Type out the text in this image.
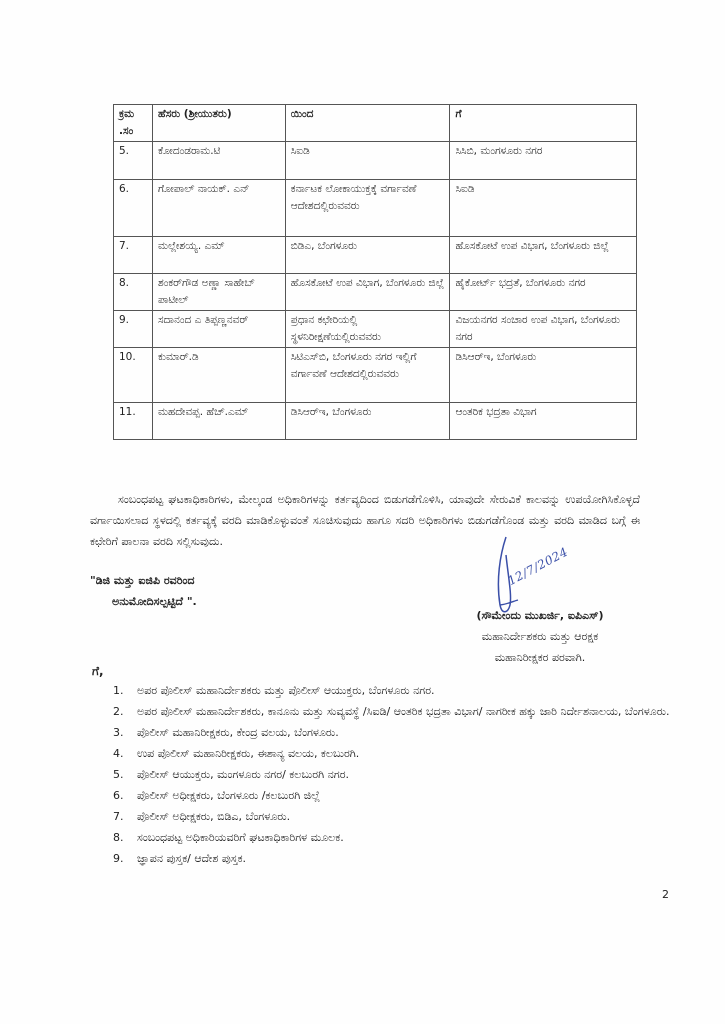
ಕ್ರಮ .ಸಂ	ಹೆಸರು (ಶ್ರೀಯುತರು)	ಯಿಂದ	ಗೆ
5.	ಕೋದಂಡರಾಮ.ಟಿ	ಸಿಐಡಿ	ಸಿಸಿಬಿ, ಮಂಗಳೂರು ನಗರ
6.	ಗೋಪಾಲ್ ನಾಯಕ್. ಎನ್	ಕರ್ನಾಟಕ ಲೋಕಾಯುಕ್ತಕ್ಕೆ ವರ್ಗಾವಣೆ ಆದೇಶದಲ್ಲಿರುವವರು	ಸಿಐಡಿ
7.	ಮಲ್ಲೇಶಯ್ಯ. ಎಮ್	ಬಿಡಿಎ, ಬೆಂಗಳೂರು	ಹೊಸಕೋಟೆ ಉಪ ವಿಭಾಗ, ಬೆಂಗಳೂರು ಜಿಲ್ಲೆ
8.	ಶಂಕರ್‌ಗೌಡ ಅಣ್ಣಾ ಸಾಹೇಬ್ ಪಾಟೀಲ್	ಹೊಸಕೋಟೆ ಉಪ ವಿಭಾಗ, ಬೆಂಗಳೂರು ಜಿಲ್ಲೆ	ಹೈಕೋರ್ಟ್ ಭದ್ರತೆ, ಬೆಂಗಳೂರು ನಗರ
9.	ಸದಾನಂದ ಎ ತಿಪ್ಪಣ್ಣನವರ್	ಪ್ರಧಾನ ಕಛೇರಿಯಲ್ಲಿ ಸ್ಥಳನಿರೀಕ್ಷಣೆಯಲ್ಲಿರುವವರು	ವಿಜಯನಗರ ಸಂಚಾರ ಉಪ ವಿಭಾಗ, ಬೆಂಗಳೂರು ನಗರ
10.	ಕುಮಾರ್.ಡಿ	ಸಿಟಿಎಸ್‌ಬಿ, ಬೆಂಗಳೂರು ನಗರ ಇಲ್ಲಿಗೆ ವರ್ಗಾವಣೆ ಆದೇಶದಲ್ಲಿರುವವರು	ಡಿಸಿಆರ್‌ಇ, ಬೆಂಗಳೂರು
11.	ಮಹದೇವಪ್ಪ. ಹೆಚ್.ಎಮ್	ಡಿಸಿಆರ್‌ಇ, ಬೆಂಗಳೂರು	ಆಂತರಿಕ ಭದ್ರತಾ ವಿಭಾಗ

ಸಂಬಂಧಪಟ್ಟ ಘಟಕಾಧಿಕಾರಿಗಳು, ಮೇಲ್ಕಂಡ ಅಧಿಕಾರಿಗಳನ್ನು ಕರ್ತವ್ಯದಿಂದ ಬಿಡುಗಡೆಗೊಳಿಸಿ, ಯಾವುದೇ ಸೇರುವಿಕೆ ಕಾಲವನ್ನು ಉಪಯೋಗಿಸಿಕೊಳ್ಳದೆ ವರ್ಗಾಯಿಸಲಾದ ಸ್ಥಳದಲ್ಲಿ ಕರ್ತವ್ಯಕ್ಕೆ ವರದಿ ಮಾಡಿಕೊಳ್ಳುವಂತೆ ಸೂಚಿಸುವುದು ಹಾಗೂ ಸದರಿ ಅಧಿಕಾರಿಗಳು ಬಿಡುಗಡೆಗೊಂಡ ಮತ್ತು ವರದಿ ಮಾಡಿದ ಬಗ್ಗೆ ಈ ಕಛೇರಿಗೆ ಪಾಲನಾ ವರದಿ ಸಲ್ಲಿಸುವುದು.

"ಡಿಜಿ ಮತ್ತು ಐಜಿಪಿ ರವರಿಂದ
ಅನುಮೋದಿಸಲ್ಪಟ್ಟಿದೆ ".
12/7/2024
(ಸೌಮೇಂದು ಮುಖರ್ಜಿ, ಐಪಿಎಸ್)
ಮಹಾನಿರ್ದೇಶಕರು ಮತ್ತು ಆರಕ್ಷಕ
ಮಹಾನಿರೀಕ್ಷಕರ ಪರವಾಗಿ.
ಗೆ,
1.	ಅಪರ ಪೊಲೀಸ್ ಮಹಾನಿರ್ದೇಶಕರು ಮತ್ತು ಪೊಲೀಸ್ ಆಯುಕ್ತರು, ಬೆಂಗಳೂರು ನಗರ.
2.	ಅಪರ ಪೊಲೀಸ್ ಮಹಾನಿರ್ದೇಶಕರು, ಕಾನೂನು ಮತ್ತು ಸುವ್ಯವಸ್ಥೆ /ಸಿಐಡಿ/ ಆಂತರಿಕ ಭದ್ರತಾ ವಿಭಾಗ/ ನಾಗರೀಕ ಹಕ್ಕು ಜಾರಿ ನಿರ್ದೇಶನಾಲಯ, ಬೆಂಗಳೂರು.
3.	ಪೊಲೀಸ್ ಮಹಾನಿರೀಕ್ಷಕರು, ಕೇಂದ್ರ ವಲಯ, ಬೆಂಗಳೂರು.
4.	ಉಪ ಪೊಲೀಸ್ ಮಹಾನಿರೀಕ್ಷಕರು, ಈಶಾನ್ಯ ವಲಯ, ಕಲಬುರಗಿ.
5.	ಪೊಲೀಸ್ ಆಯುಕ್ತರು, ಮಂಗಳೂರು ನಗರ/ ಕಲಬುರಗಿ ನಗರ.
6.	ಪೊಲೀಸ್ ಅಧೀಕ್ಷಕರು, ಬೆಂಗಳೂರು /ಕಲಬುರಗಿ ಜಿಲ್ಲೆ
7.	ಪೊಲೀಸ್ ಅಧೀಕ್ಷಕರು, ಬಿಡಿಎ, ಬೆಂಗಳೂರು.
8.	ಸಂಬಂಧಪಟ್ಟ ಅಧಿಕಾರಿಯವರಿಗೆ ಘಟಕಾಧಿಕಾರಿಗಳ ಮೂಲಕ.
9.	ಜ್ಞಾಪನ ಪುಸ್ತಕ/ ಆದೇಶ ಪುಸ್ತಕ.
2
